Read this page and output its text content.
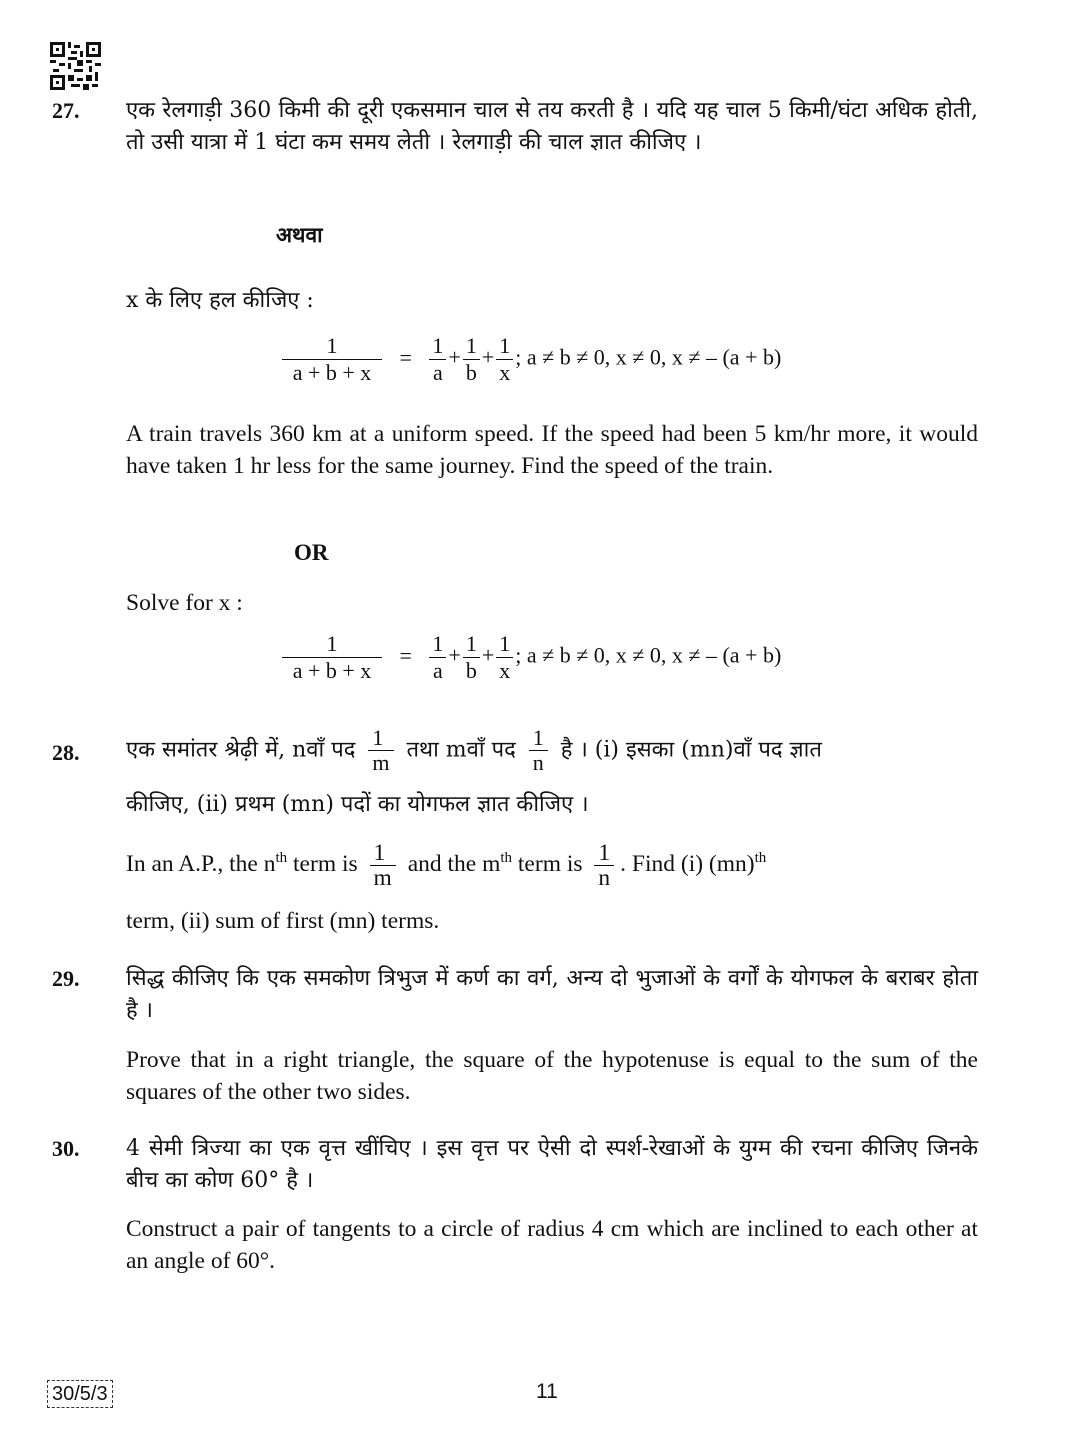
27. एक रेलगाड़ी 360 किमी की दूरी एकसमान चाल से तय करती है । यदि यह चाल 5 किमी/घंटा अधिक होती, तो उसी यात्रा में 1 घंटा कम समय लेती । रेलगाड़ी की चाल ज्ञात कीजिए ।
अथवा
x के लिए हल कीजिए :
$\frac{1}{a + b + x} = \frac{1}{a} + \frac{1}{b} + \frac{1}{x}$ ; a ≠ b ≠ 0, x ≠ 0, x ≠ – (a + b)
A train travels 360 km at a uniform speed. If the speed had been 5 km/hr more, it would have taken 1 hr less for the same journey. Find the speed of the train.
OR
Solve for x :
$\frac{1}{a + b + x} = \frac{1}{a} + \frac{1}{b} + \frac{1}{x}$ ; a ≠ b ≠ 0, x ≠ 0, x ≠ – (a + b)
28. एक समांतर श्रेढ़ी में, nवाँ पद $\frac{1}{m}$ तथा mवाँ पद $\frac{1}{n}$ है । (i) इसका (mn)वाँ पद ज्ञात
कीजिए, (ii) प्रथम (mn) पदों का योगफल ज्ञात कीजिए ।
In an A.P., the $n^{th}$ term is $\frac{1}{m}$ and the $m^{th}$ term is $\frac{1}{n}$ . Find (i) (mn)$^{th}$
term, (ii) sum of first (mn) terms.
29. सिद्ध कीजिए कि एक समकोण त्रिभुज में कर्ण का वर्ग, अन्य दो भुजाओं के वर्गों के योगफल के बराबर होता है ।
Prove that in a right triangle, the square of the hypotenuse is equal to the sum of the squares of the other two sides.
30. 4 सेमी त्रिज्या का एक वृत्त खींचिए । इस वृत्त पर ऐसी दो स्पर्श-रेखाओं के युग्म की रचना कीजिए जिनके बीच का कोण 60° है ।
Construct a pair of tangents to a circle of radius 4 cm which are inclined to each other at an angle of 60°.
30/5/3	11
